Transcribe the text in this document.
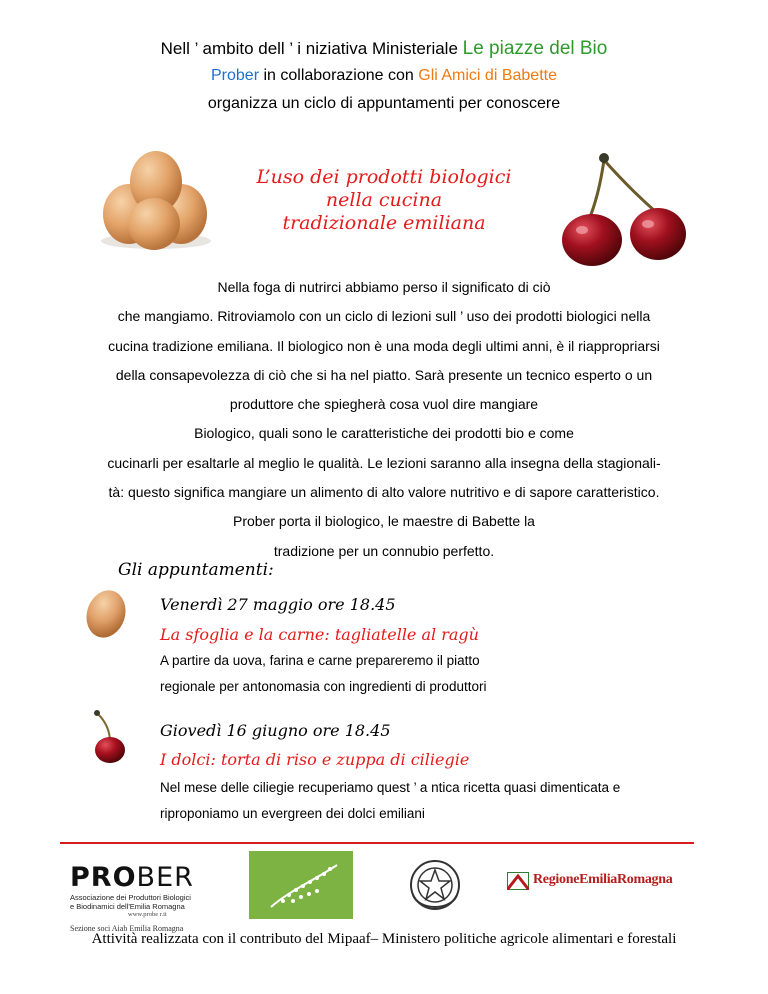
Nell ’ ambito dell ’ i niziativa Ministeriale Le piazze del Bio
Prober in collaborazione con Gli Amici di Babette
organizza un ciclo di appuntamenti per conoscere
L’uso dei prodotti biologici
nella cucina
tradizionale emiliana
Nella foga di nutrirci abbiamo perso il significato di ciò
che mangiamo. Ritroviamolo con un ciclo di lezioni sull ’ uso dei prodotti biologici nella
cucina tradizione emiliana. Il biologico non è una moda degli ultimi anni, è il riappropriarsi
della consapevolezza di ciò che si ha nel piatto. Sarà presente un tecnico esperto o un
produttore che spiegherà cosa vuol dire mangiare
Biologico, quali sono le caratteristiche dei prodotti bio e come
cucinarli per esaltarle al meglio le qualità. Le lezioni saranno alla insegna della stagionali-
tà: questo significa mangiare un alimento di alto valore nutritivo e di sapore caratteristico.
Prober porta il biologico, le maestre di Babette la
tradizione per un connubio perfetto.
Gli appuntamenti:
Venerdì 27 maggio ore 18.45
La sfoglia e la carne: tagliatelle al ragù
A partire da uova, farina e carne prepareremo il piatto
regionale per antonomasia con ingredienti di produttori
Giovedì 16 giugno ore 18.45
I dolci: torta di riso e zuppa di ciliegie
Nel mese delle ciliegie recuperiamo quest ’ a ntica ricetta quasi dimenticata e
riproponiamo un evergreen dei dolci emiliani
PROBER
Associazione dei Produttori Biologici
e Biodinamici dell'Emilia Romagna
www.probe r.it
Sezione soci Aiab Emilia Romagna
RegioneEmiliaRomagna
Attività realizzata con il contributo del Mipaaf– Ministero politiche agricole alimentari e forestali
